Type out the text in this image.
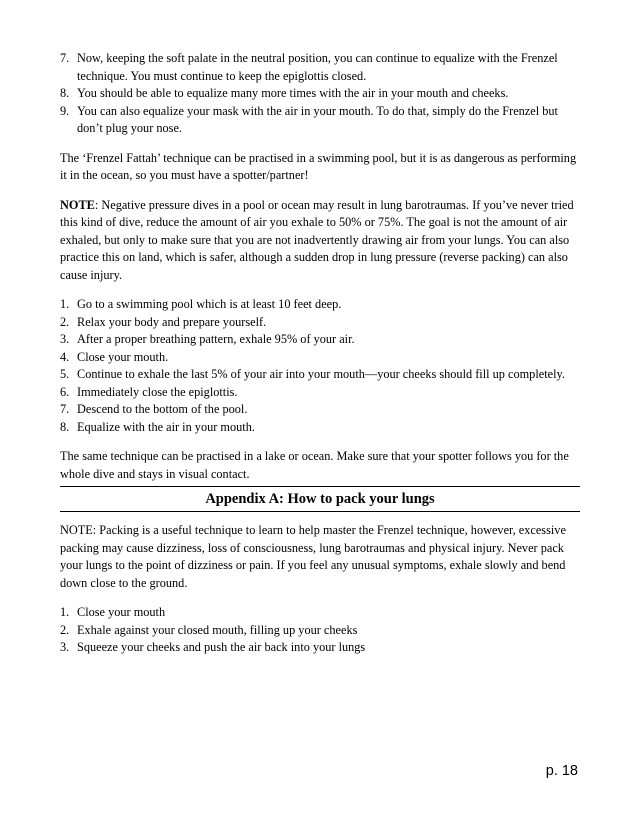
7. Now, keeping the soft palate in the neutral position, you can continue to equalize with the Frenzel technique. You must continue to keep the epiglottis closed.
8. You should be able to equalize many more times with the air in your mouth and cheeks.
9. You can also equalize your mask with the air in your mouth. To do that, simply do the Frenzel but don’t plug your nose.

The ‘Frenzel Fattah’ technique can be practised in a swimming pool, but it is as dangerous as performing it in the ocean, so you must have a spotter/partner!

NOTE: Negative pressure dives in a pool or ocean may result in lung barotraumas. If you’ve never tried this kind of dive, reduce the amount of air you exhale to 50% or 75%. The goal is not the amount of air exhaled, but only to make sure that you are not inadvertently drawing air from your lungs. You can also practice this on land, which is safer, although a sudden drop in lung pressure (reverse packing) can also cause injury.

1. Go to a swimming pool which is at least 10 feet deep.
2. Relax your body and prepare yourself.
3. After a proper breathing pattern, exhale 95% of your air.
4. Close your mouth.
5. Continue to exhale the last 5% of your air into your mouth—your cheeks should fill up completely.
6. Immediately close the epiglottis.
7. Descend to the bottom of the pool.
8. Equalize with the air in your mouth.

The same technique can be practised in a lake or ocean. Make sure that your spotter follows you for the whole dive and stays in visual contact.

Appendix A: How to pack your lungs

NOTE: Packing is a useful technique to learn to help master the Frenzel technique, however, excessive packing may cause dizziness, loss of consciousness, lung barotraumas and physical injury. Never pack your lungs to the point of dizziness or pain. If you feel any unusual symptoms, exhale slowly and bend down close to the ground.

1. Close your mouth
2. Exhale against your closed mouth, filling up your cheeks
3. Squeeze your cheeks and push the air back into your lungs
p. 18
